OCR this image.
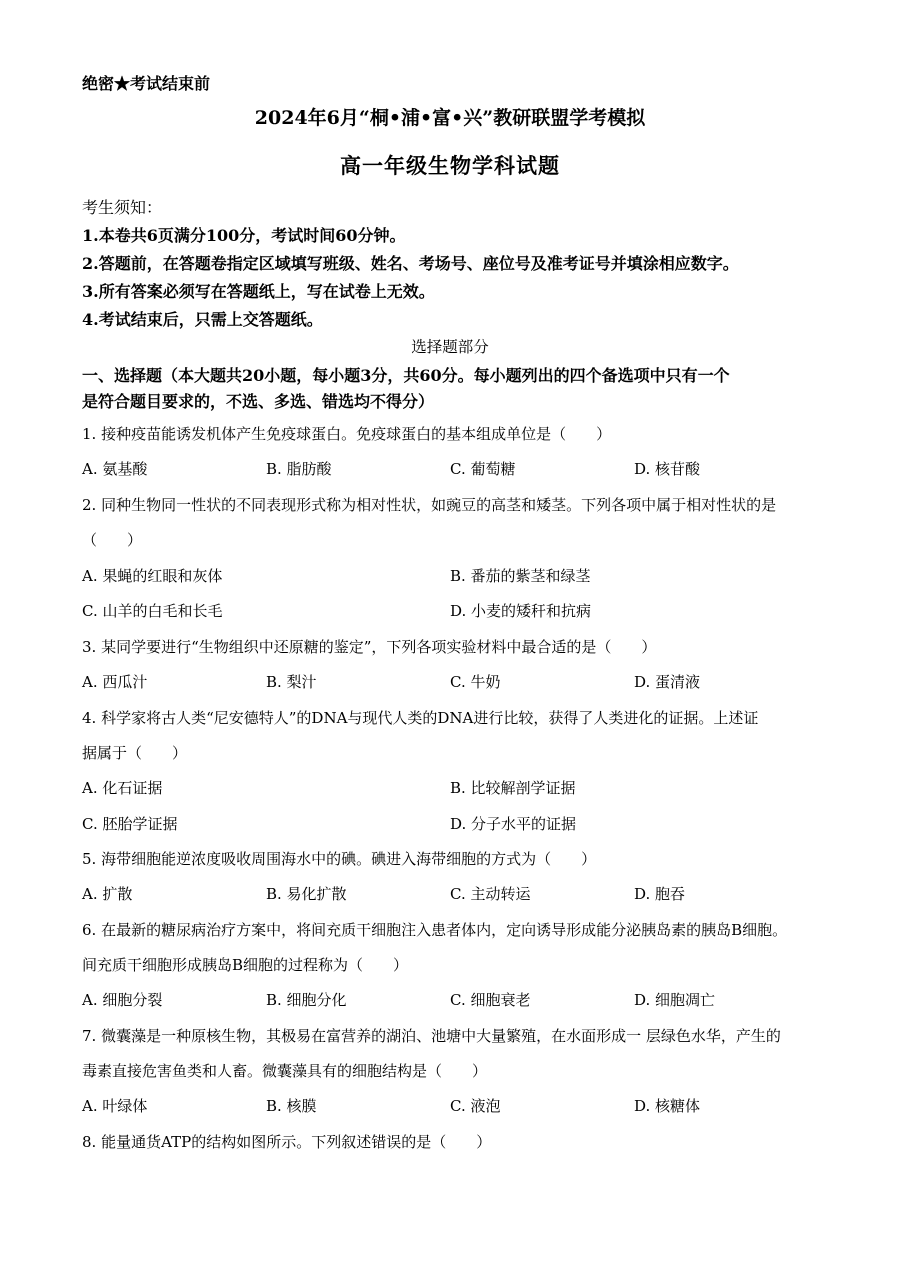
绝密★考试结束前
2024年6月“桐•浦•富•兴”教研联盟学考模拟
高一年级生物学科试题
考生须知：
1.本卷共6页满分100分，考试时间60分钟。
2.答题前，在答题卷指定区域填写班级、姓名、考场号、座位号及准考证号并填涂相应数字。
3.所有答案必须写在答题纸上，写在试卷上无效。
4.考试结束后，只需上交答题纸。
选择题部分
一、选择题（本大题共20小题，每小题3分，共60分。每小题列出的四个备选项中只有一个
是符合题目要求的，不选、多选、错选均不得分）
1. 接种疫苗能诱发机体产生免疫球蛋白。免疫球蛋白的基本组成单位是（　　）
A. 氨基酸	B. 脂肪酸	C. 葡萄糖	D. 核苷酸
2. 同种生物同一性状的不同表现形式称为相对性状，如豌豆的高茎和矮茎。下列各项中属于相对性状的是
（　　）
A. 果蝇的红眼和灰体	B. 番茄的紫茎和绿茎
C. 山羊的白毛和长毛	D. 小麦的矮秆和抗病
3. 某同学要进行“生物组织中还原糖的鉴定”，下列各项实验材料中最合适的是（　　）
A. 西瓜汁	B. 梨汁	C. 牛奶	D. 蛋清液
4. 科学家将古人类“尼安德特人”的DNA与现代人类的DNA进行比较，获得了人类进化的证据。上述证
据属于（　　）
A. 化石证据	B. 比较解剖学证据
C. 胚胎学证据	D. 分子水平的证据
5. 海带细胞能逆浓度吸收周围海水中的碘。碘进入海带细胞的方式为（　　）
A. 扩散	B. 易化扩散	C. 主动转运	D. 胞吞
6. 在最新的糖尿病治疗方案中，将间充质干细胞注入患者体内，定向诱导形成能分泌胰岛素的胰岛B细胞。
间充质干细胞形成胰岛B细胞的过程称为（　　）
A. 细胞分裂	B. 细胞分化	C. 细胞衰老	D. 细胞凋亡
7. 微囊藻是一种原核生物，其极易在富营养的湖泊、池塘中大量繁殖，在水面形成一 层绿色水华，产生的
毒素直接危害鱼类和人畜。微囊藻具有的细胞结构是（　　）
A. 叶绿体	B. 核膜	C. 液泡	D. 核糖体
8. 能量通货ATP的结构如图所示。下列叙述错误的是（　　）
